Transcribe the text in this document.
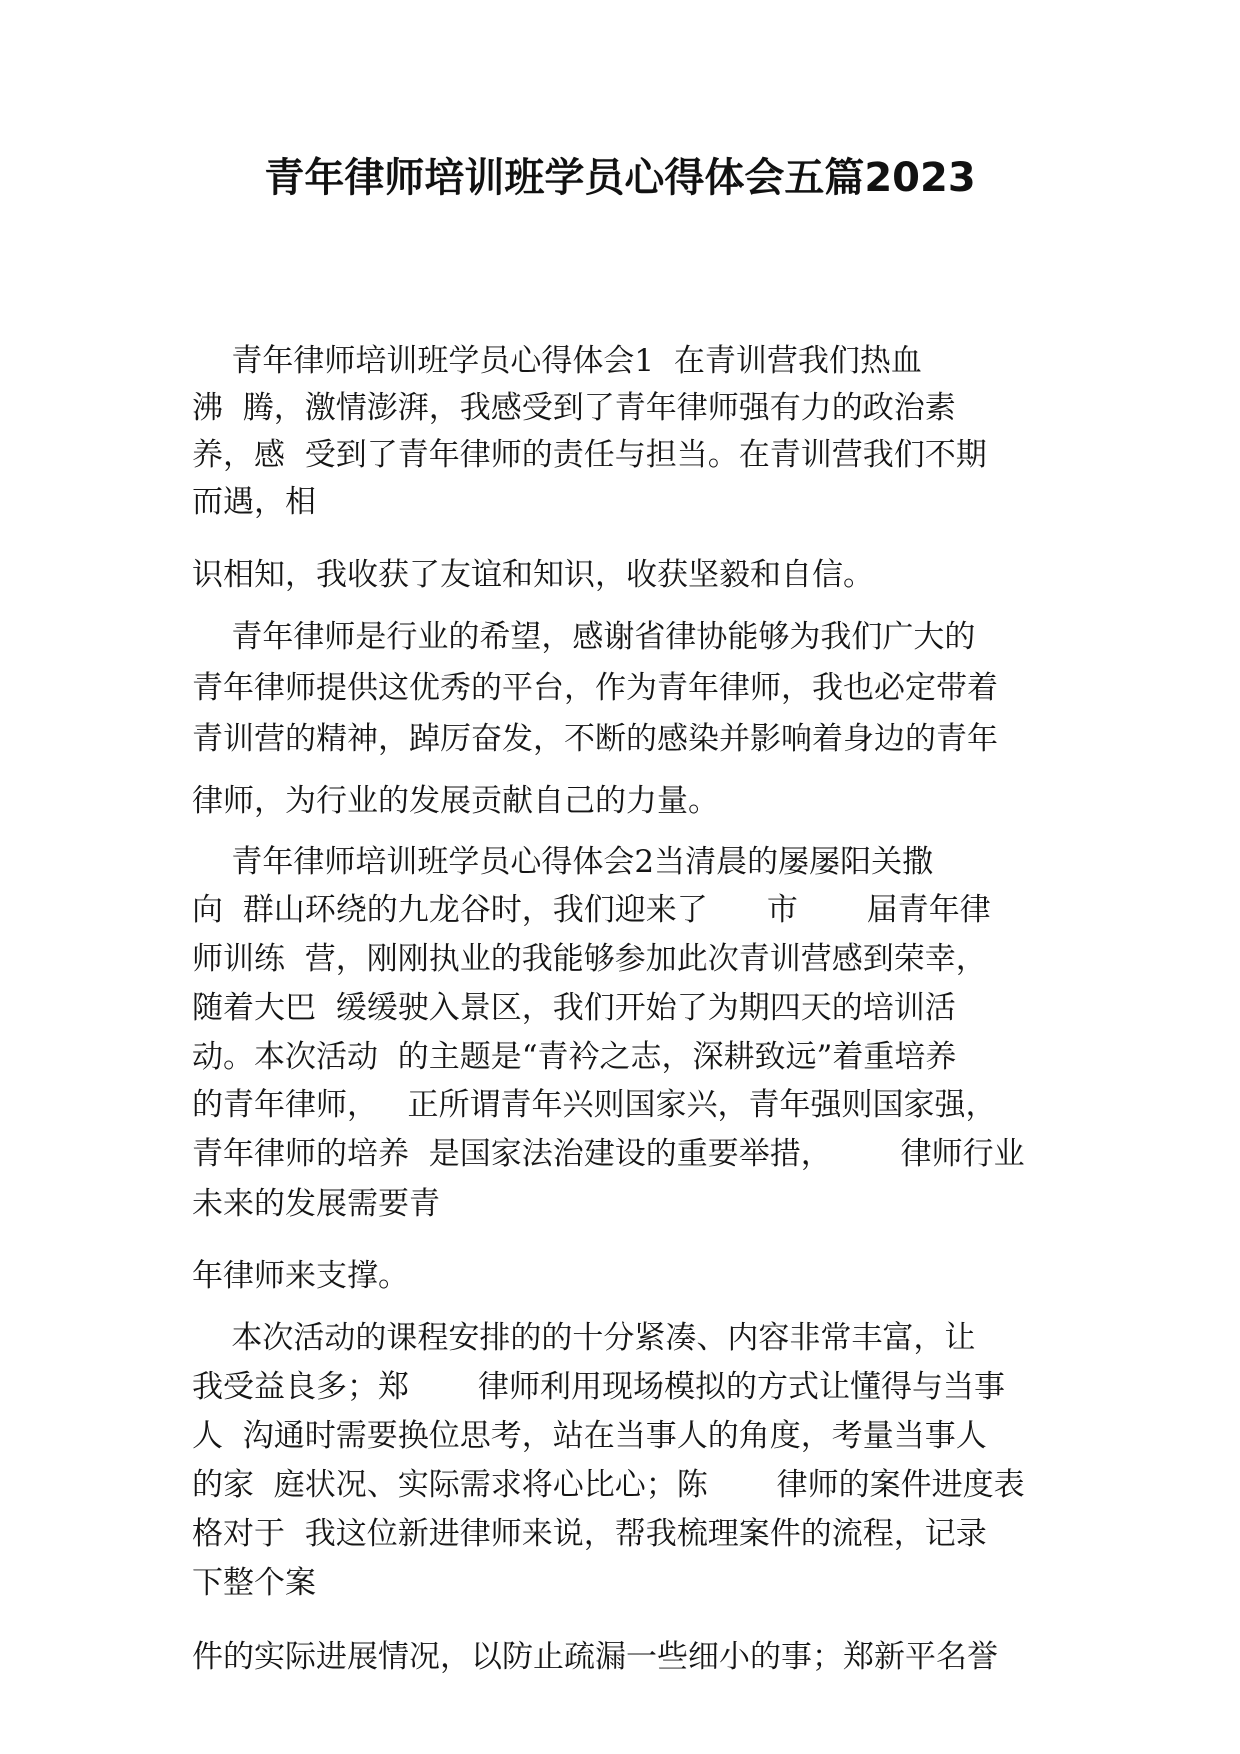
青年律师培训班学员心得体会五篇2023
青年律师培训班学员心得体会1  在青训营我们热血
沸  腾，激情澎湃，我感受到了青年律师强有力的政治素
养，感  受到了青年律师的责任与担当。在青训营我们不期
而遇，相
识相知，我收获了友谊和知识，收获坚毅和自信。
青年律师是行业的希望，感谢省律协能够为我们广大的
青年律师提供这优秀的平台，作为青年律师，我也必定带着
青训营的精神，踔厉奋发，不断的感染并影响着身边的青年
律师，为行业的发展贡献自己的力量。
青年律师培训班学员心得体会2当清晨的屡屡阳关撒
向  群山环绕的九龙谷时，我们迎来了      市       届青年律
师训练  营，刚刚执业的我能够参加此次青训营感到荣幸，
随着大巴  缓缓驶入景区，我们开始了为期四天的培训活
动。本次活动  的主题是“青衿之志，深耕致远”着重培养
的青年律师，   正所谓青年兴则国家兴，青年强则国家强，
青年律师的培养  是国家法治建设的重要举措，       律师行业
未来的发展需要青
年律师来支撑。
本次活动的课程安排的的十分紧凑、内容非常丰富，让
我受益良多；郑       律师利用现场模拟的方式让懂得与当事
人  沟通时需要换位思考，站在当事人的角度，考量当事人
的家  庭状况、实际需求将心比心；陈       律师的案件进度表
格对于  我这位新进律师来说，帮我梳理案件的流程，记录
下整个案
件的实际进展情况，以防止疏漏一些细小的事；郑新平名誉
